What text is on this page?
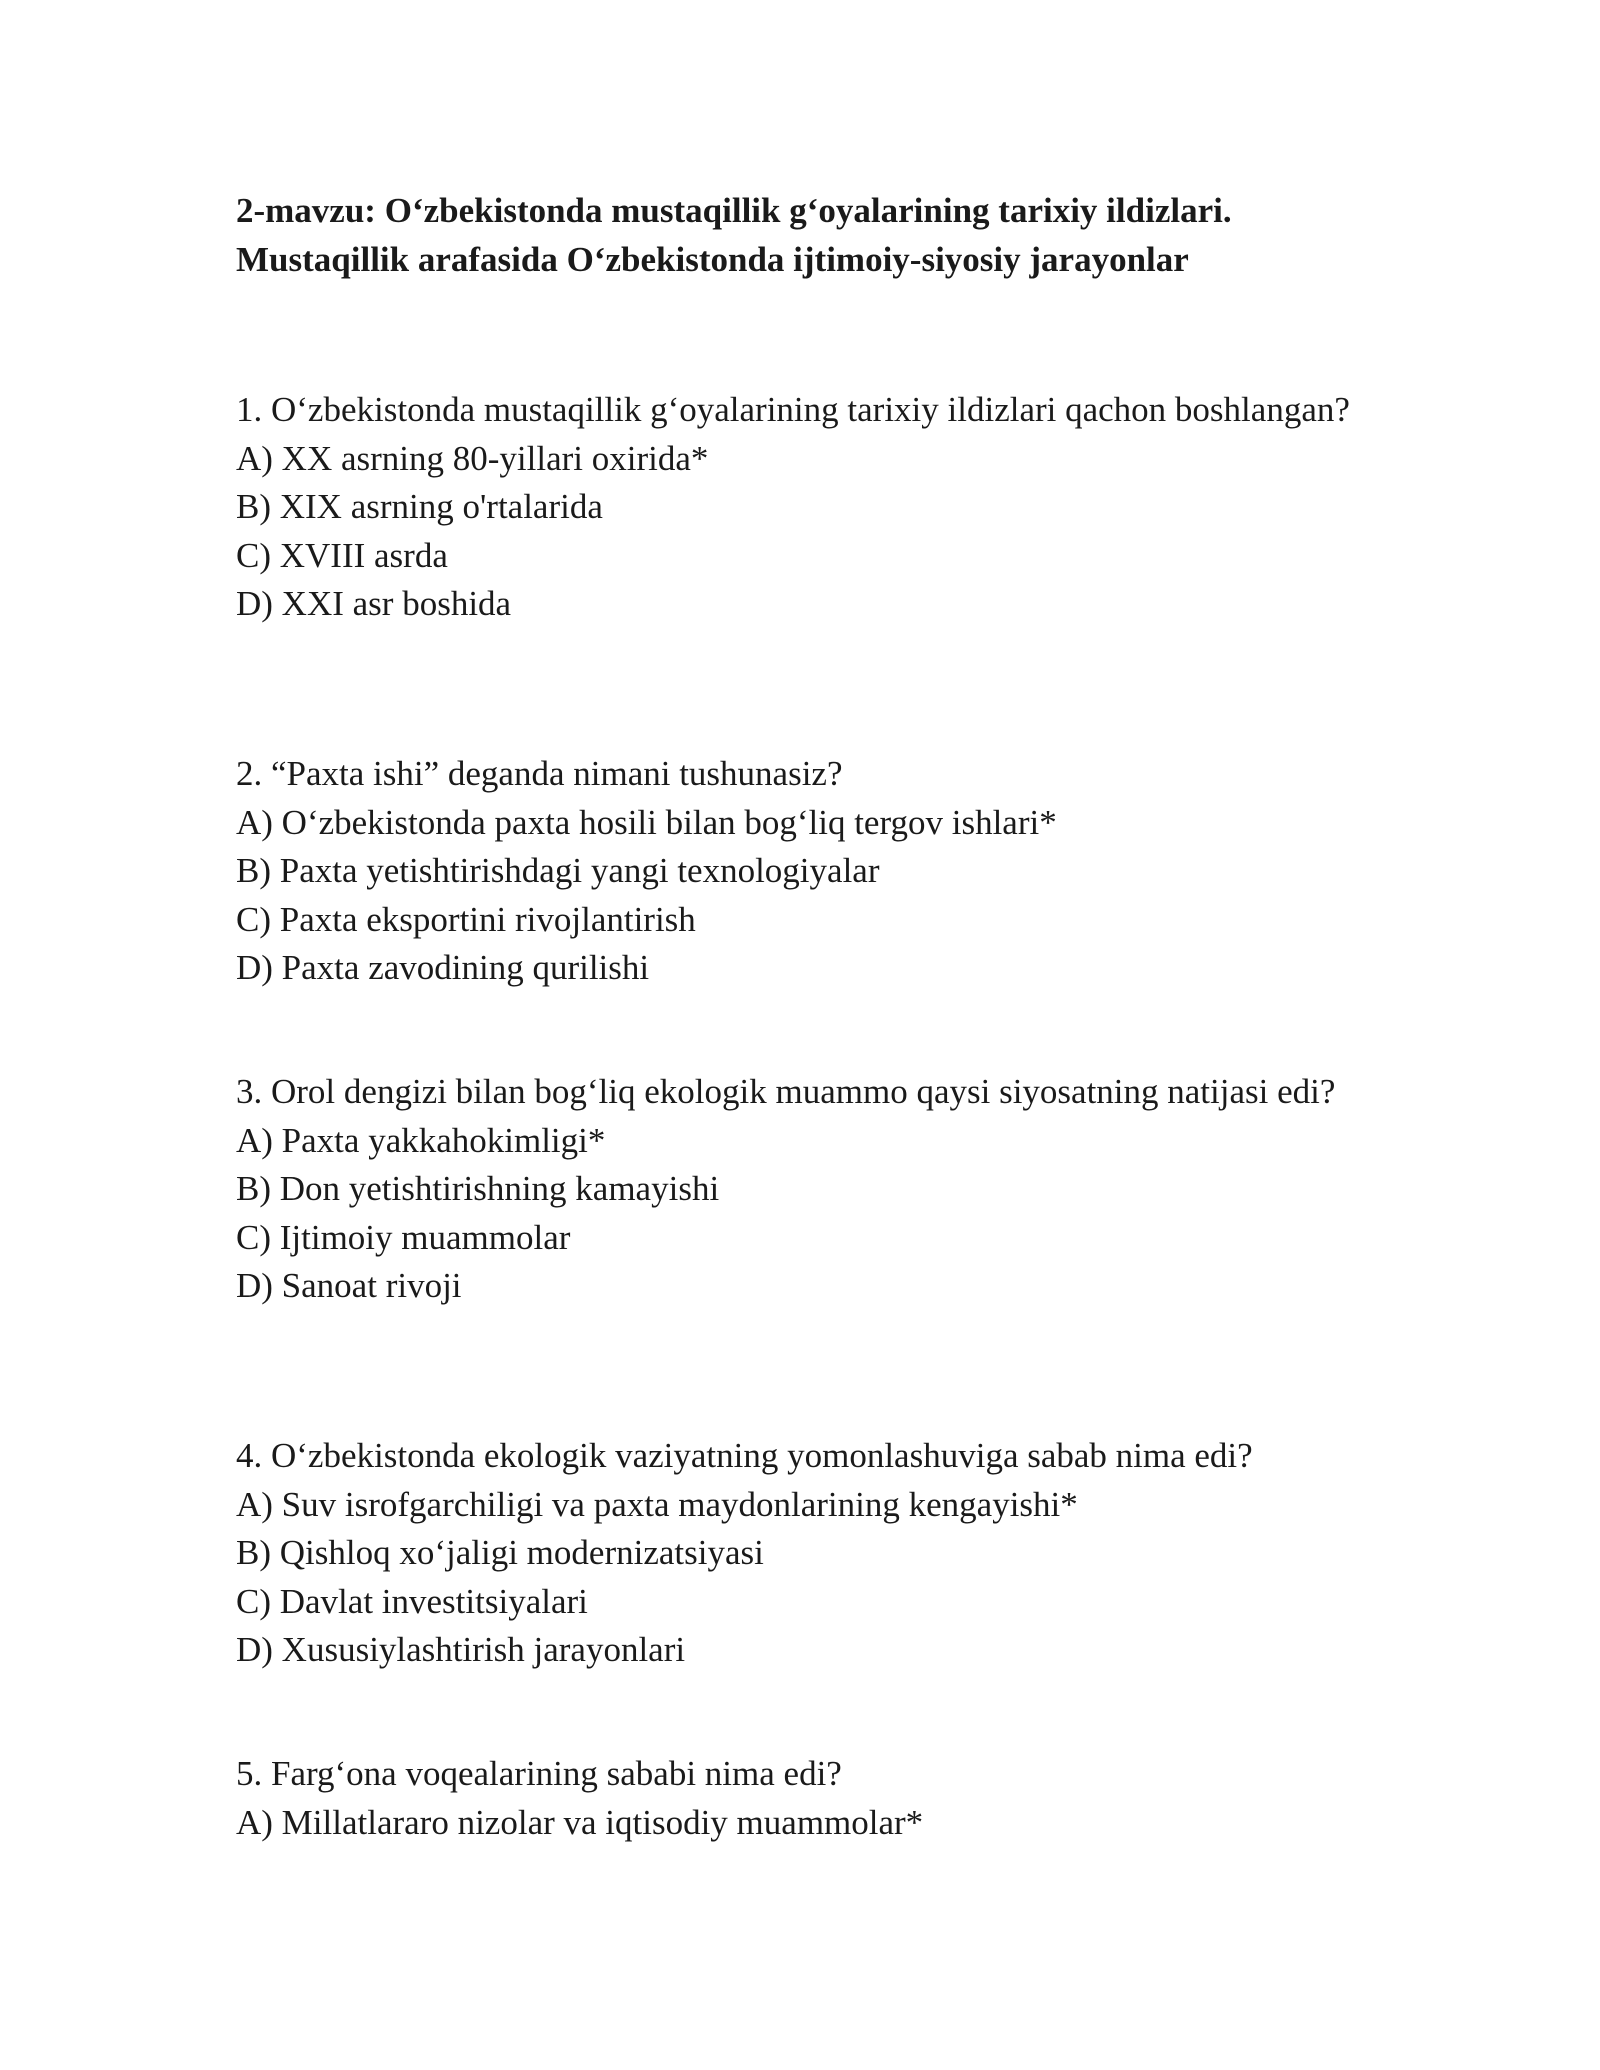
2-mavzu: O‘zbekistonda mustaqillik g‘oyalarining tarixiy ildizlari.
Mustaqillik arafasida O‘zbekistonda ijtimoiy-siyosiy jarayonlar
1. O‘zbekistonda mustaqillik g‘oyalarining tarixiy ildizlari qachon boshlangan?
A) XX asrning 80-yillari oxirida*
B) XIX asrning o'rtalarida
C) XVIII asrda
D) XXI asr boshida
2. “Paxta ishi” deganda nimani tushunasiz?
A) O‘zbekistonda paxta hosili bilan bog‘liq tergov ishlari*
B) Paxta yetishtirishdagi yangi texnologiyalar
C) Paxta eksportini rivojlantirish
D) Paxta zavodining qurilishi
3. Orol dengizi bilan bog‘liq ekologik muammo qaysi siyosatning natijasi edi?
A) Paxta yakkahokimligi*
B) Don yetishtirishning kamayishi
C) Ijtimoiy muammolar
D) Sanoat rivoji
4. O‘zbekistonda ekologik vaziyatning yomonlashuviga sabab nima edi?
A) Suv isrofgarchiligi va paxta maydonlarining kengayishi*
B) Qishloq xo‘jaligi modernizatsiyasi
C) Davlat investitsiyalari
D) Xususiylashtirish jarayonlari
5. Farg‘ona voqealarining sababi nima edi?
A) Millatlararo nizolar va iqtisodiy muammolar*
